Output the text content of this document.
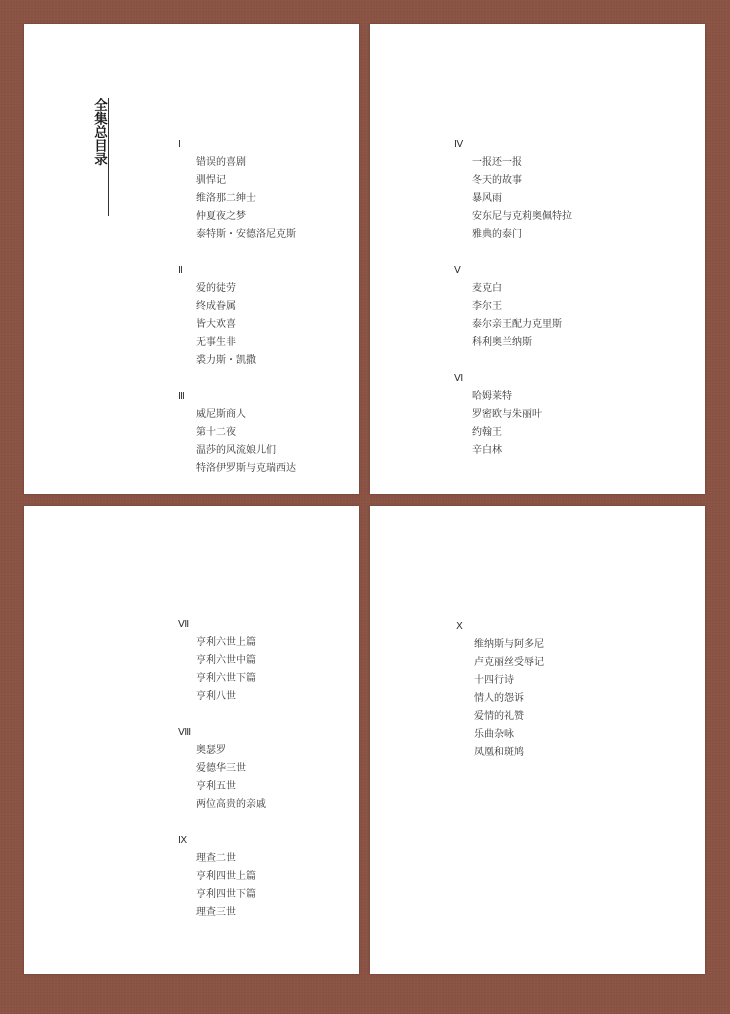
全集总目录	Ⅰ
错误的喜剧
驯悍记
维洛那二绅士
仲夏夜之梦
泰特斯・安德洛尼克斯
Ⅱ
爱的徒劳
终成眷属
皆大欢喜
无事生非
裘力斯・凯撒
Ⅲ
威尼斯商人
第十二夜
温莎的风流娘儿们
特洛伊罗斯与克瑞西达
Ⅳ
一报还一报
冬天的故事
暴风雨
安东尼与克莉奥佩特拉
雅典的泰门
Ⅴ
麦克白
李尔王
泰尔亲王配力克里斯
科利奥兰纳斯
Ⅵ
哈姆莱特
罗密欧与朱丽叶
约翰王
辛白林
Ⅶ
亨利六世上篇
亨利六世中篇
亨利六世下篇
亨利八世
Ⅷ
奥瑟罗
爱德华三世
亨利五世
两位高贵的亲戚
Ⅸ
理查二世
亨利四世上篇
亨利四世下篇
理查三世
Ⅹ
维纳斯与阿多尼
卢克丽丝受辱记
十四行诗
情人的怨诉
爱情的礼赞
乐曲杂咏
凤凰和斑鸠
